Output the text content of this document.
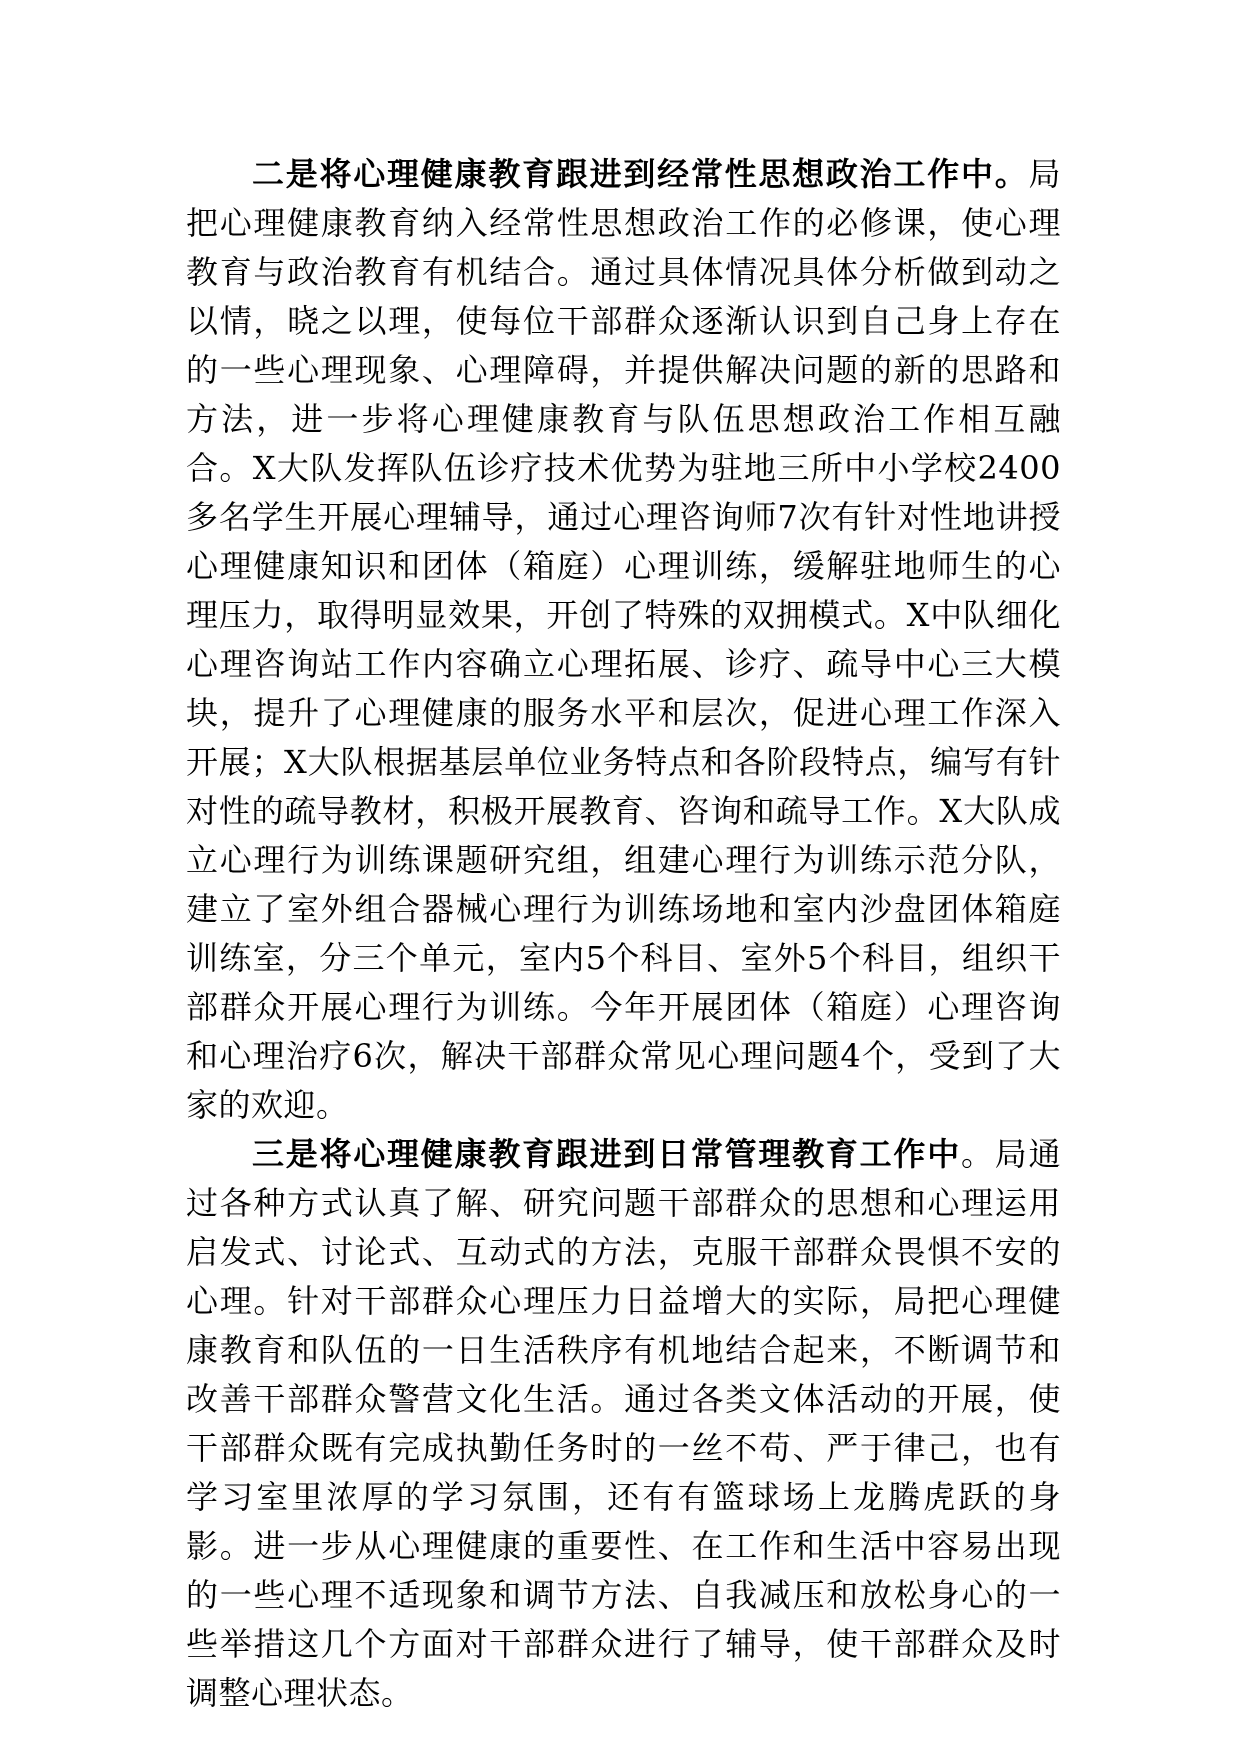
二是将心理健康教育跟进到经常性思想政治工作中。局把心理健康教育纳入经常性思想政治工作的必修课，使心理教育与政治教育有机结合。通过具体情况具体分析做到动之以情，晓之以理，使每位干部群众逐渐认识到自己身上存在的一些心理现象、心理障碍，并提供解决问题的新的思路和方法，进一步将心理健康教育与队伍思想政治工作相互融合。X大队发挥队伍诊疗技术优势为驻地三所中小学校2400多名学生开展心理辅导，通过心理咨询师7次有针对性地讲授心理健康知识和团体（箱庭）心理训练，缓解驻地师生的心理压力，取得明显效果，开创了特殊的双拥模式。X中队细化心理咨询站工作内容确立心理拓展、诊疗、疏导中心三大模块，提升了心理健康的服务水平和层次，促进心理工作深入开展；X大队根据基层单位业务特点和各阶段特点，编写有针对性的疏导教材，积极开展教育、咨询和疏导工作。X大队成立心理行为训练课题研究组，组建心理行为训练示范分队，建立了室外组合器械心理行为训练场地和室内沙盘团体箱庭训练室，分三个单元，室内5个科目、室外5个科目，组织干部群众开展心理行为训练。今年开展团体（箱庭）心理咨询和心理治疗6次，解决干部群众常见心理问题4个，受到了大家的欢迎。

三是将心理健康教育跟进到日常管理教育工作中。局通过各种方式认真了解、研究问题干部群众的思想和心理运用启发式、讨论式、互动式的方法，克服干部群众畏惧不安的心理。针对干部群众心理压力日益增大的实际，局把心理健康教育和队伍的一日生活秩序有机地结合起来，不断调节和改善干部群众警营文化生活。通过各类文体活动的开展，使干部群众既有完成执勤任务时的一丝不苟、严于律己，也有学习室里浓厚的学习氛围，还有有篮球场上龙腾虎跃的身影。进一步从心理健康的重要性、在工作和生活中容易出现的一些心理不适现象和调节方法、自我减压和放松身心的一些举措这几个方面对干部群众进行了辅导，使干部群众及时调整心理状态。
